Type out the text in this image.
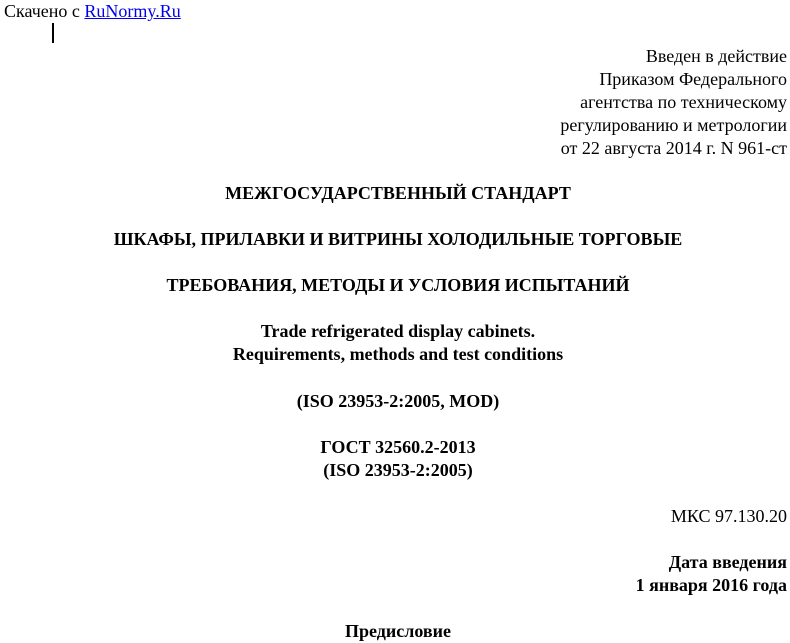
Скачено с RuNormy.Ru
Введен в действие
Приказом Федерального
агентства по техническому
регулированию и метрологии
от 22 августа 2014 г. N 961-ст
МЕЖГОСУДАРСТВЕННЫЙ СТАНДАРТ
ШКАФЫ, ПРИЛАВКИ И ВИТРИНЫ ХОЛОДИЛЬНЫЕ ТОРГОВЫЕ
ТРЕБОВАНИЯ, МЕТОДЫ И УСЛОВИЯ ИСПЫТАНИЙ
Trade refrigerated display cabinets.
Requirements, methods and test conditions
(ISO 23953-2:2005, MOD)
ГОСТ 32560.2-2013
(ISO 23953-2:2005)
МКС 97.130.20
Дата введения
1 января 2016 года
Предисловие
